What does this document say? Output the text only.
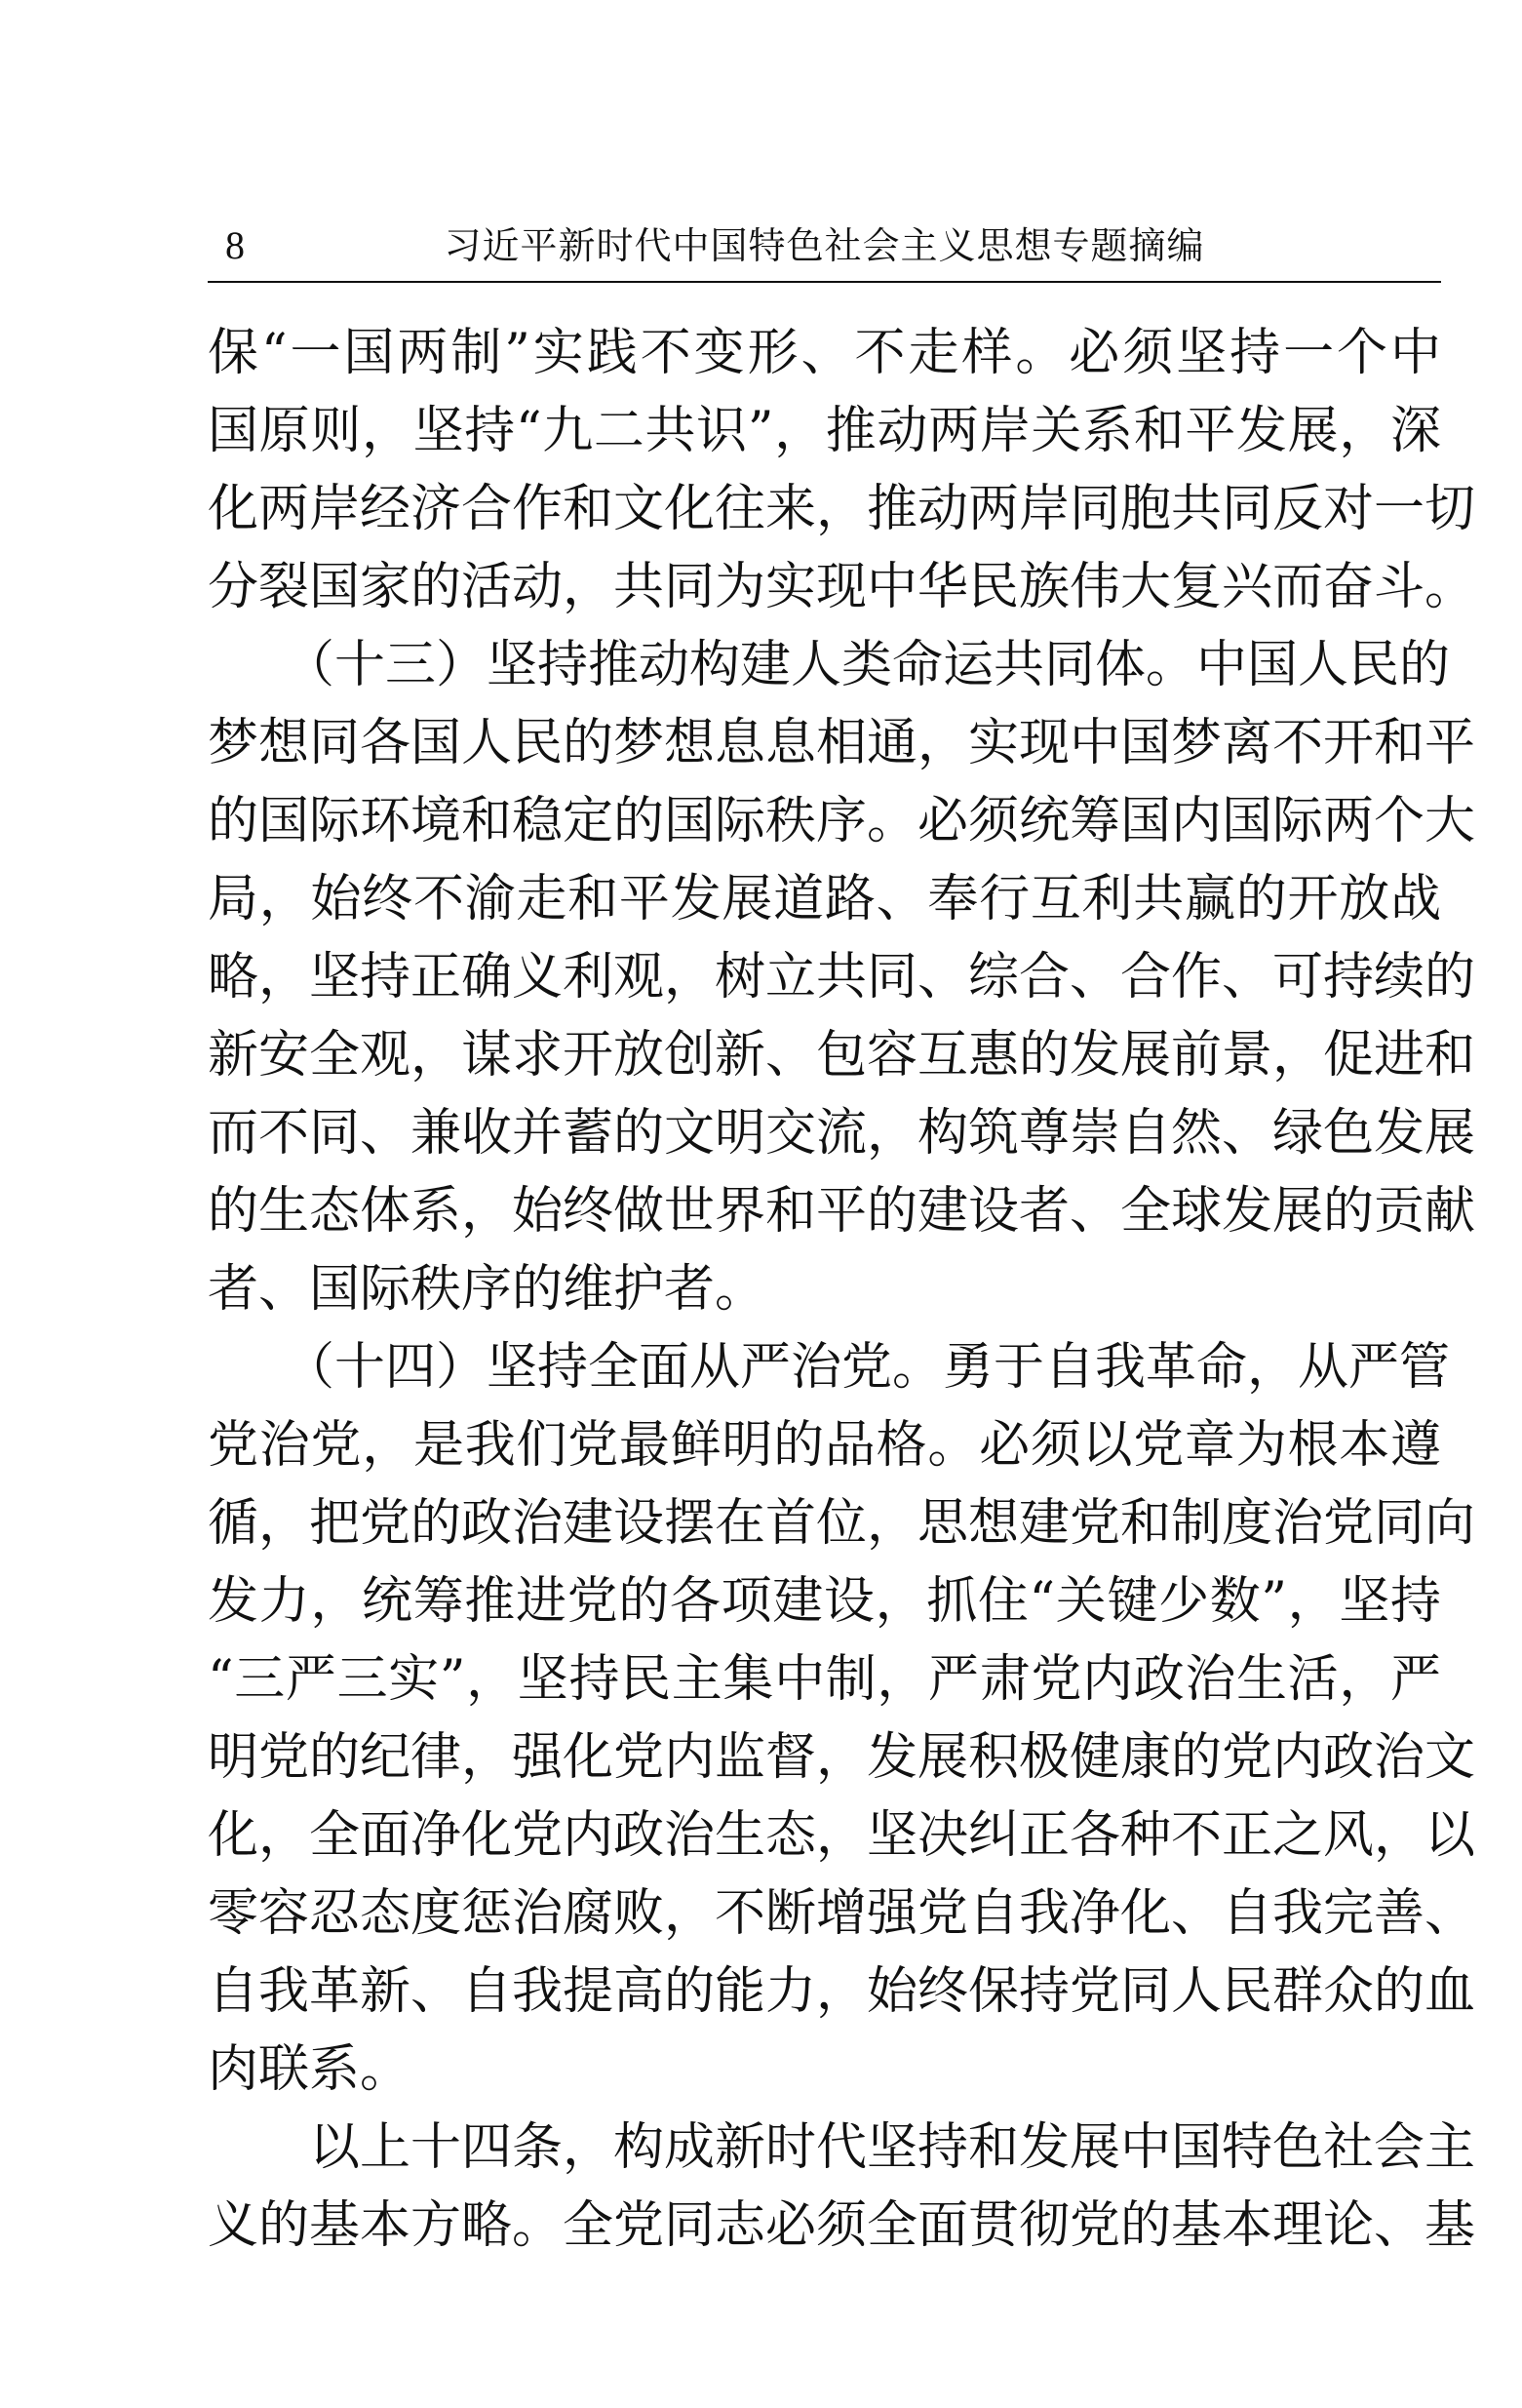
8	习近平新时代中国特色社会主义思想专题摘编
保“一国两制”实践不变形、不走样。必须坚持一个中
国原则，坚持“九二共识”，推动两岸关系和平发展，深
化两岸经济合作和文化往来，推动两岸同胞共同反对一切
分裂国家的活动，共同为实现中华民族伟大复兴而奋斗。
　　（十三）坚持推动构建人类命运共同体。中国人民的
梦想同各国人民的梦想息息相通，实现中国梦离不开和平
的国际环境和稳定的国际秩序。必须统筹国内国际两个大
局，始终不渝走和平发展道路、奉行互利共赢的开放战
略，坚持正确义利观，树立共同、综合、合作、可持续的
新安全观，谋求开放创新、包容互惠的发展前景，促进和
而不同、兼收并蓄的文明交流，构筑尊崇自然、绿色发展
的生态体系，始终做世界和平的建设者、全球发展的贡献
者、国际秩序的维护者。
　　（十四）坚持全面从严治党。勇于自我革命，从严管
党治党，是我们党最鲜明的品格。必须以党章为根本遵
循，把党的政治建设摆在首位，思想建党和制度治党同向
发力，统筹推进党的各项建设，抓住“关键少数”，坚持
“三严三实”，坚持民主集中制，严肃党内政治生活，严
明党的纪律，强化党内监督，发展积极健康的党内政治文
化，全面净化党内政治生态，坚决纠正各种不正之风，以
零容忍态度惩治腐败，不断增强党自我净化、自我完善、
自我革新、自我提高的能力，始终保持党同人民群众的血
肉联系。
　　以上十四条，构成新时代坚持和发展中国特色社会主
义的基本方略。全党同志必须全面贯彻党的基本理论、基
